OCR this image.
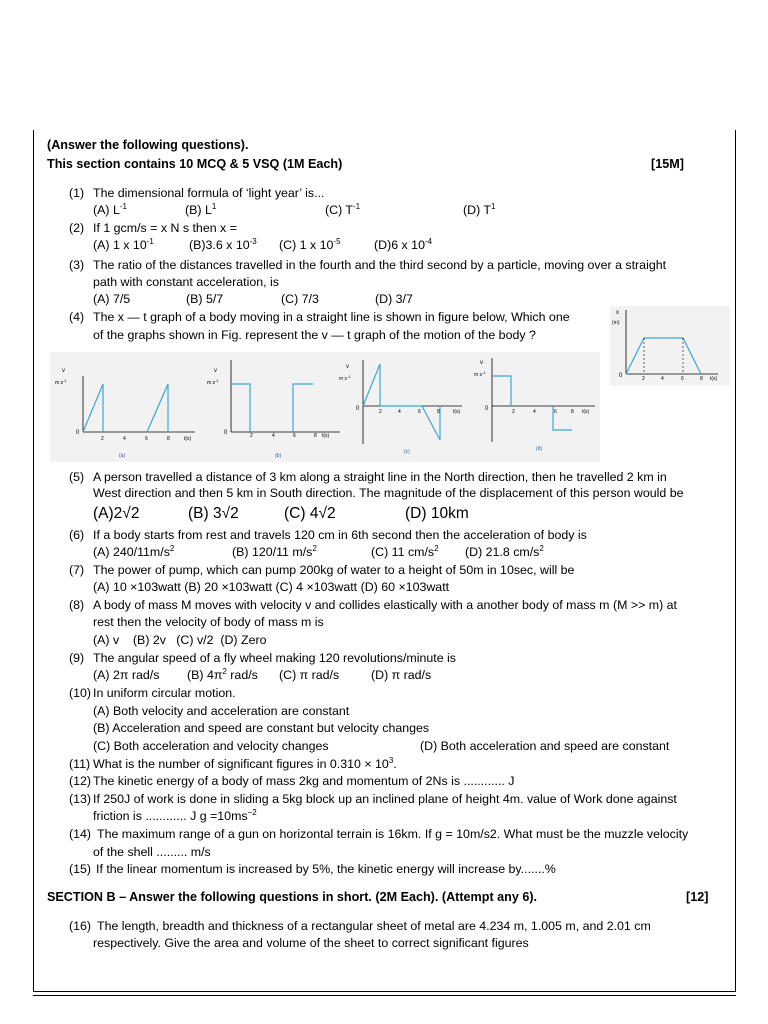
(Answer the following questions).
This section contains 10 MCQ & 5 VSQ (1M Each)	[15M]
(1) The dimensional formula of ‘light year’ is...
(A) $L^{-1}$	(B) $L^1$	(C) $T^{-1}$	(D) $T^1$
(2) If 1 gcm/s = x N s then x =
(A) 1 x $10^{-1}$	(B)3.6 x $10^{-3}$ (C) 1 x $10^{-5}$	(D)6 x $10^{-4}$
(3) The ratio of the distances travelled in the fourth and the third second by a particle, moving over a straight
path with constant acceleration, is
(A) 7/5	(B) 5/7	(C) 7/3	(D) 3/7
(4) The x — t graph of a body moving in a straight line is shown in figure below, Which one
of the graphs shown in Fig. represent the v — t graph of the motion of the body ?
x
(m)
0	2	4	6	8 t(s)
v
m $s^{-1}$
0
2	4	6	8	t(s)
(a)
v
m $s^{-1}$
0	2	4	6	8 t(s)
(b)
v
m $s^{-1}$
0	2	4	6	8	t(s)
(c)
v
m $s^{-1}$
0	2	4	6	8 t(s)
(d)
(5) A person travelled a distance of 3 km along a straight line in the North direction, then he travelled 2 km in
West direction and then 5 km in South direction. The magnitude of the displacement of this person would be
(A)2√2	(B) 3√2	(C) 4√2	(D) 10km
(6) If a body starts from rest and travels 120 cm in 6th second then the acceleration of body is
(A) $240/11m/s^2$	(B) 120/11 $m/s^2$	(C) 11 $cm/s^2$ (D) 21.8 $cm/s^2$
(7) The power of pump, which can pump 200kg of water to a height of 50m in 10sec, will be
(A) 10 ×103watt (B) 20 ×103watt (C) 4 ×103watt (D) 60 ×103watt
(8) A body of mass M moves with velocity v and collides elastically with a another body of mass m (M >> m) at
rest then the velocity of body of mass m is
(A) v    (B) 2v   (C) v/2  (D) Zero
(9) The angular speed of a fly wheel making 120 revolutions/minute is
(A) 2π rad/s (B) $4\pi^2$ rad/s (C) π rad/s	(D) π rad/s
(10) In uniform circular motion.
(A) Both velocity and acceleration are constant
(B) Acceleration and speed are constant but velocity changes
(C) Both acceleration and velocity changes	(D) Both acceleration and speed are constant
(11) What is the number of significant figures in $0.310 \times 10^3$.
(12) The kinetic energy of a body of mass 2kg and momentum of 2Ns is ............ J
(13) If 250J of work is done in sliding a 5kg block up an inclined plane of height 4m. value of Work done against
friction is ............ J $g =10ms^{-2}$
(14) The maximum range of a gun on horizontal terrain is 16km. If g = 10m/s2. What must be the muzzle velocity
of the shell ......... m/s
(15) If the linear momentum is increased by 5%, the kinetic energy will increase by.......%
SECTION B – Answer the following questions in short. (2M Each). (Attempt any 6).	[12]
(16) The length, breadth and thickness of a rectangular sheet of metal are 4.234 m, 1.005 m, and 2.01 cm
respectively. Give the area and volume of the sheet to correct significant figures
